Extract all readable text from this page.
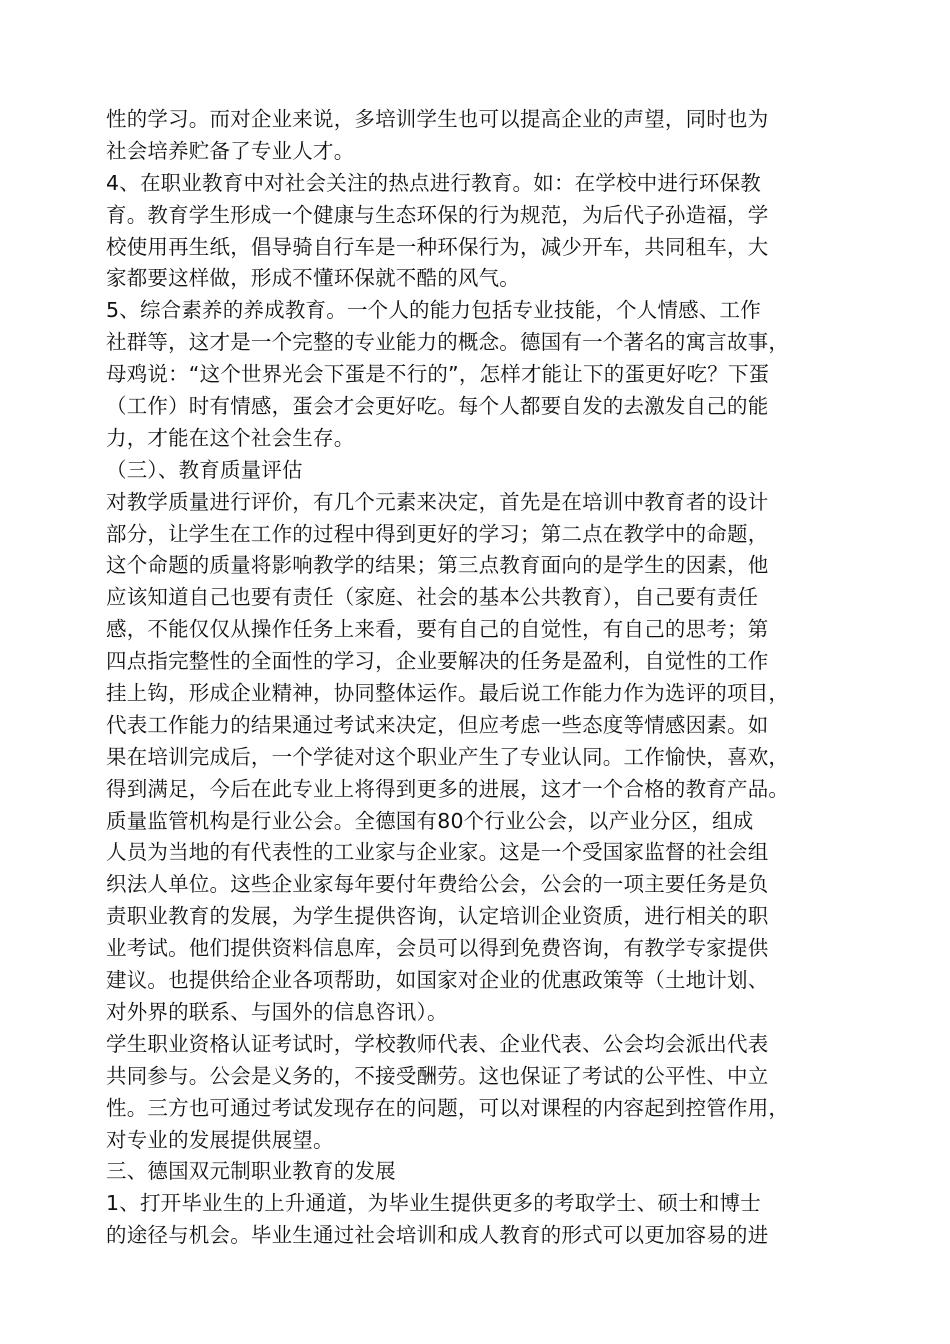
性的学习。而对企业来说，多培训学生也可以提高企业的声望，同时也为
社会培养贮备了专业人才。
4、在职业教育中对社会关注的热点进行教育。如：在学校中进行环保教
育。教育学生形成一个健康与生态环保的行为规范，为后代子孙造福，学
校使用再生纸，倡导骑自行车是一种环保行为，减少开车，共同租车，大
家都要这样做，形成不懂环保就不酷的风气。
5、综合素养的养成教育。一个人的能力包括专业技能，个人情感、工作
社群等，这才是一个完整的专业能力的概念。德国有一个著名的寓言故事，
母鸡说：“这个世界光会下蛋是不行的”，怎样才能让下的蛋更好吃？下蛋
（工作）时有情感，蛋会才会更好吃。每个人都要自发的去激发自己的能
力，才能在这个社会生存。
（三）、教育质量评估
对教学质量进行评价，有几个元素来决定，首先是在培训中教育者的设计
部分，让学生在工作的过程中得到更好的学习；第二点在教学中的命题，
这个命题的质量将影响教学的结果；第三点教育面向的是学生的因素，他
应该知道自己也要有责任（家庭、社会的基本公共教育），自己要有责任
感，不能仅仅从操作任务上来看，要有自己的自觉性，有自己的思考；第
四点指完整性的全面性的学习，企业要解决的任务是盈利，自觉性的工作
挂上钩，形成企业精神，协同整体运作。最后说工作能力作为选评的项目，
代表工作能力的结果通过考试来决定，但应考虑一些态度等情感因素。如
果在培训完成后，一个学徒对这个职业产生了专业认同。工作愉快，喜欢，
得到满足，今后在此专业上将得到更多的进展，这才一个合格的教育产品。
质量监管机构是行业公会。全德国有80个行业公会，以产业分区，组成
人员为当地的有代表性的工业家与企业家。这是一个受国家监督的社会组
织法人单位。这些企业家每年要付年费给公会，公会的一项主要任务是负
责职业教育的发展，为学生提供咨询，认定培训企业资质，进行相关的职
业考试。他们提供资料信息库，会员可以得到免费咨询，有教学专家提供
建议。也提供给企业各项帮助，如国家对企业的优惠政策等（土地计划、
对外界的联系、与国外的信息咨讯）。
学生职业资格认证考试时，学校教师代表、企业代表、公会均会派出代表
共同参与。公会是义务的，不接受酬劳。这也保证了考试的公平性、中立
性。三方也可通过考试发现存在的问题，可以对课程的内容起到控管作用，
对专业的发展提供展望。
三、德国双元制职业教育的发展
1、打开毕业生的上升通道，为毕业生提供更多的考取学士、硕士和博士
的途径与机会。毕业生通过社会培训和成人教育的形式可以更加容易的进
